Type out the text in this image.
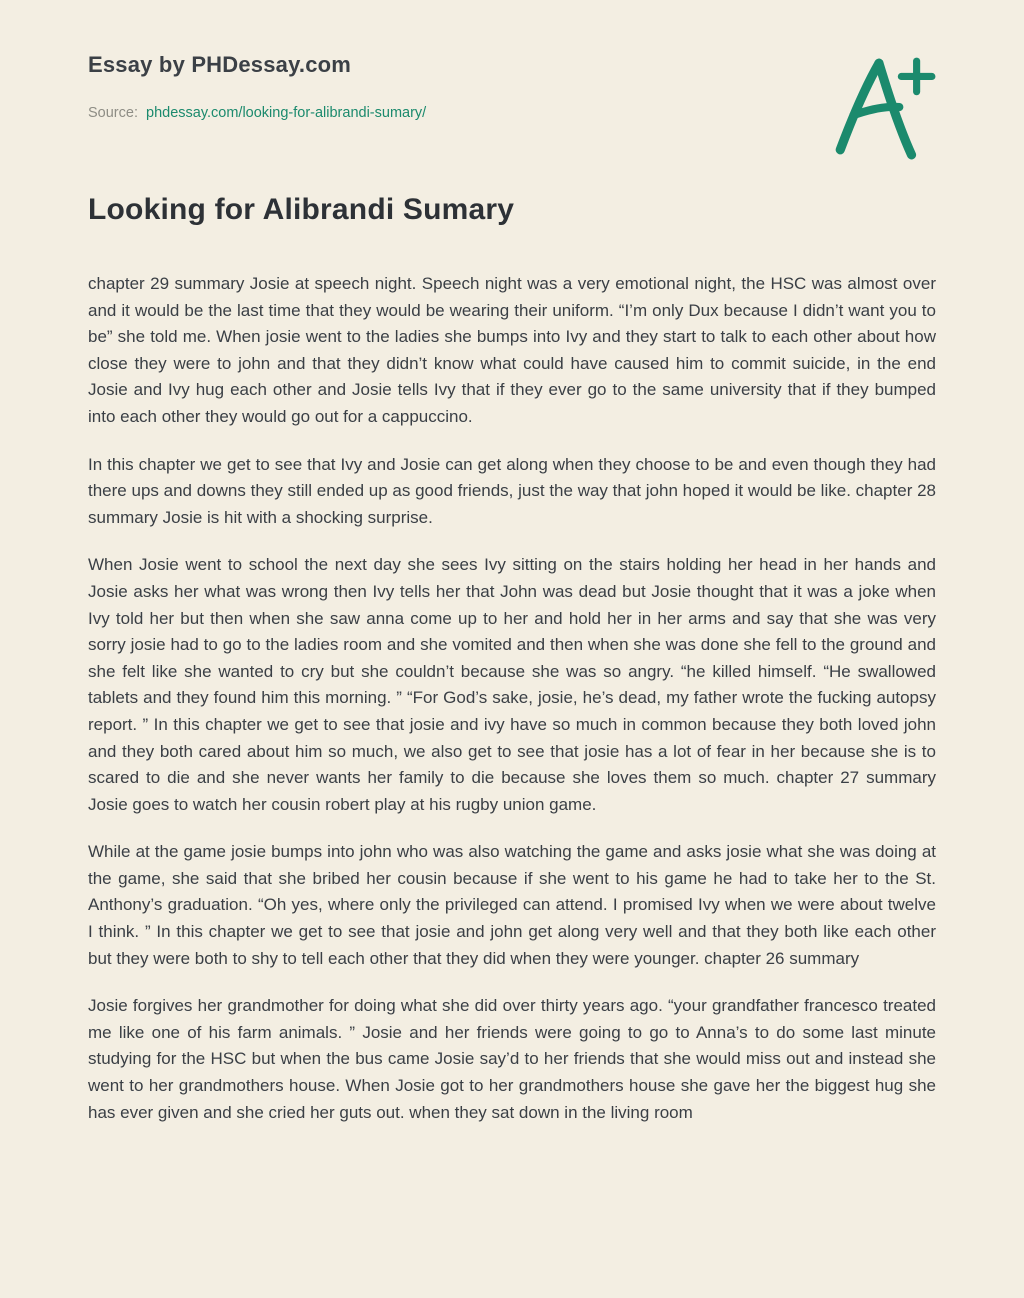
Essay by PHDessay.com
Source: phdessay.com/looking-for-alibrandi-sumary/
Looking for Alibrandi Sumary

chapter 29 summary Josie at speech night. Speech night was a very emotional night, the HSC was almost over and it would be the last time that they would be wearing their uniform. “I’m only Dux because I didn’t want you to be” she told me. When josie went to the ladies she bumps into Ivy and they start to talk to each other about how close they were to john and that they didn’t know what could have caused him to commit suicide, in the end Josie and Ivy hug each other and Josie tells Ivy that if they ever go to the same university that if they bumped into each other they would go out for a cappuccino.

In this chapter we get to see that Ivy and Josie can get along when they choose to be and even though they had there ups and downs they still ended up as good friends, just the way that john hoped it would be like. chapter 28 summary Josie is hit with a shocking surprise.

When Josie went to school the next day she sees Ivy sitting on the stairs holding her head in her hands and Josie asks her what was wrong then Ivy tells her that John was dead but Josie thought that it was a joke when Ivy told her but then when she saw anna come up to her and hold her in her arms and say that she was very sorry josie had to go to the ladies room and she vomited and then when she was done she fell to the ground and she felt like she wanted to cry but she couldn’t because she was so angry. “he killed himself. “He swallowed tablets and they found him this morning. ” “For God’s sake, josie, he’s dead, my father wrote the fucking autopsy report. ” In this chapter we get to see that josie and ivy have so much in common because they both loved john and they both cared about him so much, we also get to see that josie has a lot of fear in her because she is to scared to die and she never wants her family to die because she loves them so much. chapter 27 summary Josie goes to watch her cousin robert play at his rugby union game.

While at the game josie bumps into john who was also watching the game and asks josie what she was doing at the game, she said that she bribed her cousin because if she went to his game he had to take her to the St. Anthony’s graduation. “Oh yes, where only the privileged can attend. I promised Ivy when we were about twelve I think. ” In this chapter we get to see that josie and john get along very well and that they both like each other but they were both to shy to tell each other that they did when they were younger. chapter 26 summary

Josie forgives her grandmother for doing what she did over thirty years ago. “your grandfather francesco treated me like one of his farm animals. ” Josie and her friends were going to go to Anna’s to do some last minute studying for the HSC but when the bus came Josie say’d to her friends that she would miss out and instead she went to her grandmothers house. When Josie got to her grandmothers house she gave her the biggest hug she has ever given and she cried her guts out. when they sat down in the living room
